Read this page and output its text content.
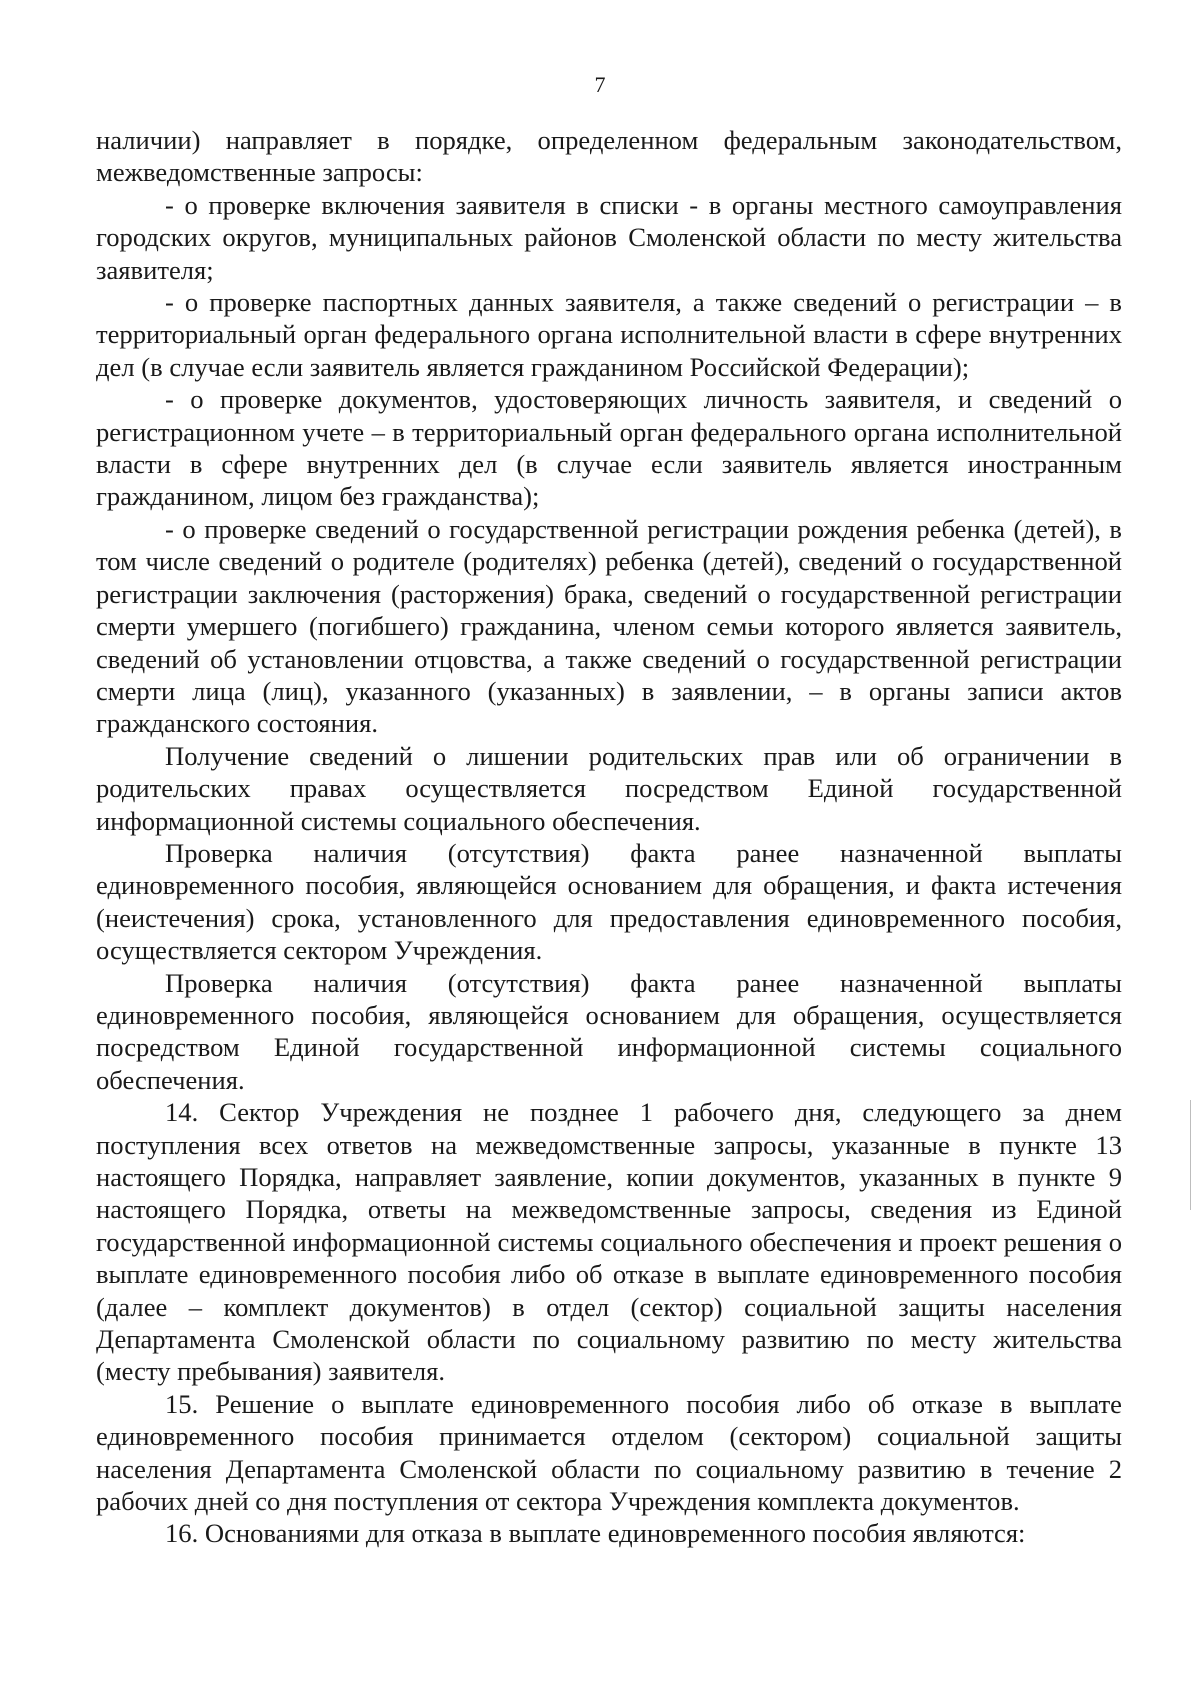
7

наличии) направляет в порядке, определенном федеральным законодательством, межведомственные запросы:

- о проверке включения заявителя в списки - в органы местного самоуправления городских округов, муниципальных районов Смоленской области по месту жительства заявителя;

- о проверке паспортных данных заявителя, а также сведений о регистрации – в территориальный орган федерального органа исполнительной власти в сфере внутренних дел (в случае если заявитель является гражданином Российской Федерации);

- о проверке документов, удостоверяющих личность заявителя, и сведений о регистрационном учете – в территориальный орган федерального органа исполнительной власти в сфере внутренних дел (в случае если заявитель является иностранным гражданином, лицом без гражданства);

- о проверке сведений о государственной регистрации рождения ребенка (детей), в том числе сведений о родителе (родителях) ребенка (детей), сведений о государственной регистрации заключения (расторжения) брака, сведений о государственной регистрации смерти умершего (погибшего) гражданина, членом семьи которого является заявитель, сведений об установлении отцовства, а также сведений о государственной регистрации смерти лица (лиц), указанного (указанных) в заявлении, – в органы записи актов гражданского состояния.

Получение сведений о лишении родительских прав или об ограничении в родительских правах осуществляется посредством Единой государственной информационной системы социального обеспечения.

Проверка наличия (отсутствия) факта ранее назначенной выплаты единовременного пособия, являющейся основанием для обращения, и факта истечения (неистечения) срока, установленного для предоставления единовременного пособия, осуществляется сектором Учреждения.

Проверка наличия (отсутствия) факта ранее назначенной выплаты единовременного пособия, являющейся основанием для обращения, осуществляется посредством Единой государственной информационной системы социального обеспечения.

14. Сектор Учреждения не позднее 1 рабочего дня, следующего за днем поступления всех ответов на межведомственные запросы, указанные в пункте 13 настоящего Порядка, направляет заявление, копии документов, указанных в пункте 9 настоящего Порядка, ответы на межведомственные запросы, сведения из Единой государственной информационной системы социального обеспечения и проект решения о выплате единовременного пособия либо об отказе в выплате единовременного пособия (далее – комплект документов) в отдел (сектор) социальной защиты населения Департамента Смоленской области по социальному развитию по месту жительства (месту пребывания) заявителя.

15. Решение о выплате единовременного пособия либо об отказе в выплате единовременного пособия принимается отделом (сектором) социальной защиты населения Департамента Смоленской области по социальному развитию в течение 2 рабочих дней со дня поступления от сектора Учреждения комплекта документов.

16. Основаниями для отказа в выплате единовременного пособия являются:
